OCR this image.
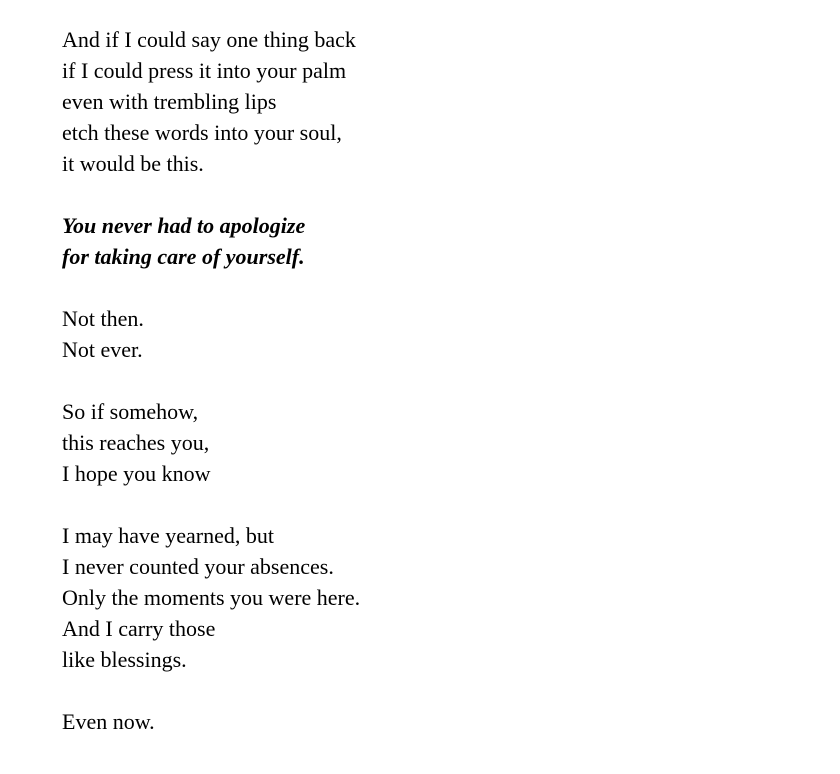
And if I could say one thing back
if I could press it into your palm
even with trembling lips
etch these words into your soul,
it would be this.
You never had to apologize
for taking care of yourself.
Not then.
Not ever.
So if somehow,
this reaches you,
I hope you know
I may have yearned, but
I never counted your absences.
Only the moments you were here.
And I carry those
like blessings.
Even now.
